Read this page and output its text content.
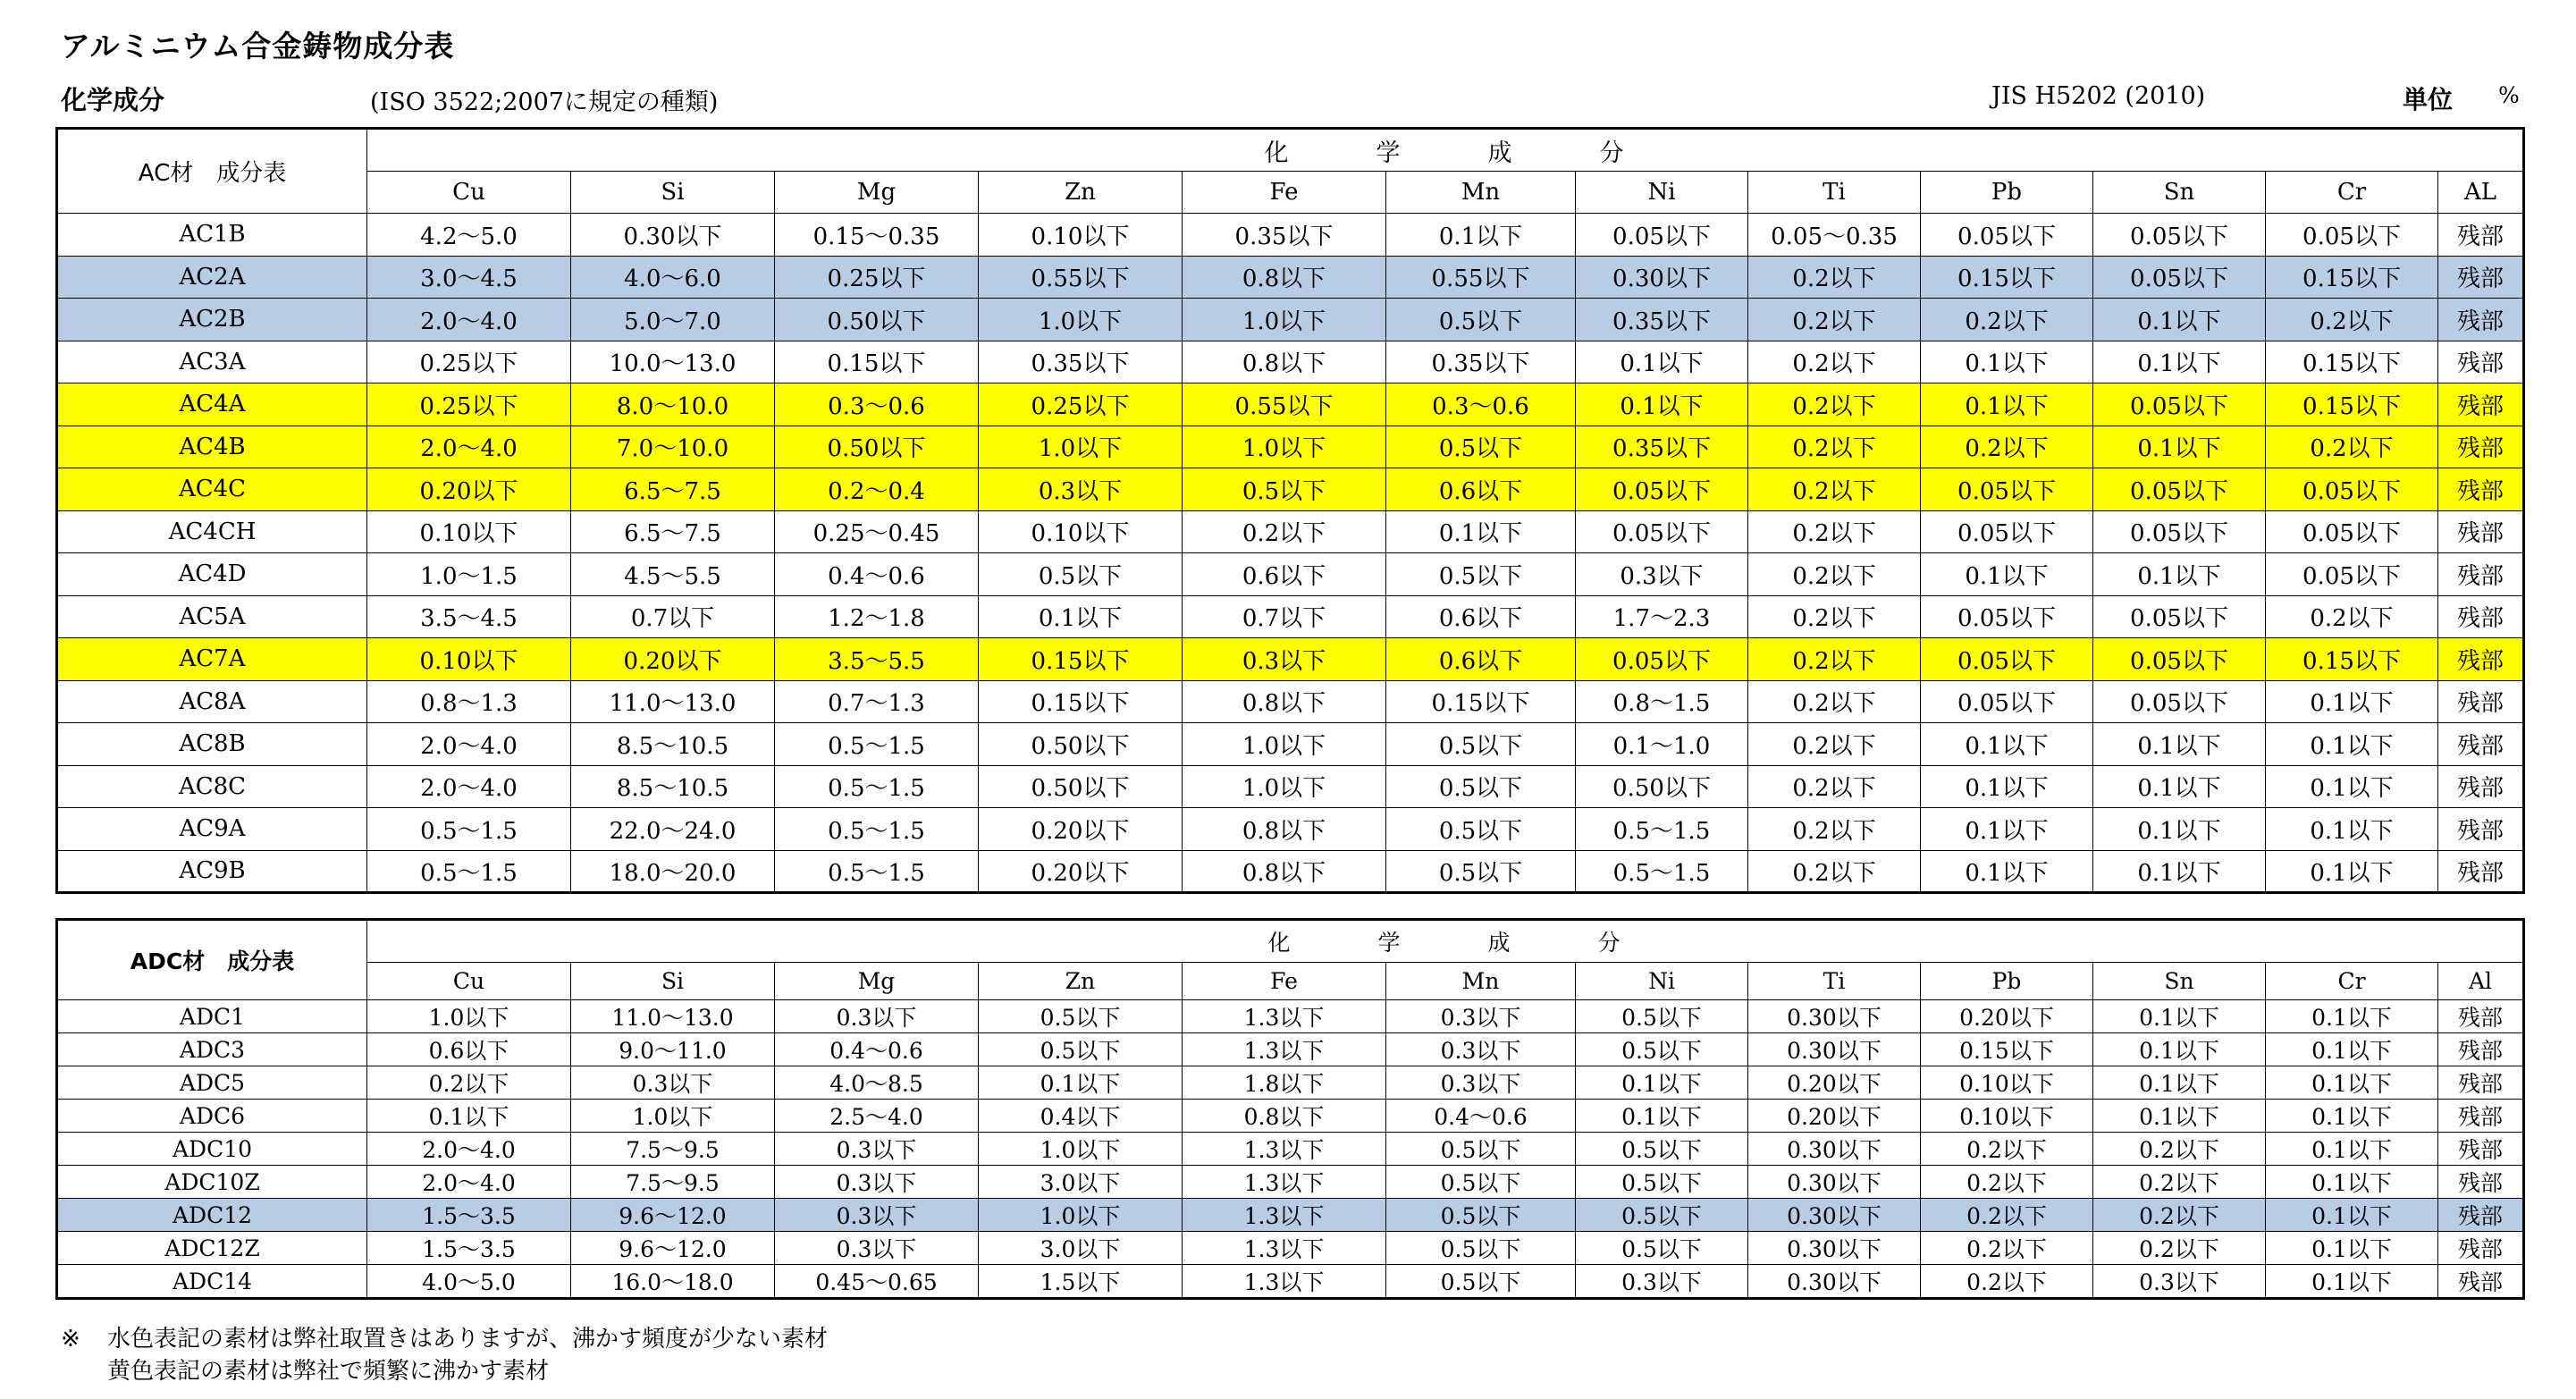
アルミニウム合金鋳物成分表
化学成分	(ISO 3522;2007に規定の種類)	JIS H5202 (2010)	単位 %
AC材　成分表	化 学 成 分											
	Cu	Si	Mg	Zn	Fe	Mn	Ni	Ti	Pb	Sn	Cr	AL
AC1B	4.2～5.0	0.30以下	0.15～0.35	0.10以下	0.35以下	0.1以下	0.05以下	0.05～0.35	0.05以下	0.05以下	0.05以下	残部
AC2A	3.0～4.5	4.0～6.0	0.25以下	0.55以下	0.8以下	0.55以下	0.30以下	0.2以下	0.15以下	0.05以下	0.15以下	残部
AC2B	2.0～4.0	5.0～7.0	0.50以下	1.0以下	1.0以下	0.5以下	0.35以下	0.2以下	0.2以下	0.1以下	0.2以下	残部
AC3A	0.25以下	10.0～13.0	0.15以下	0.35以下	0.8以下	0.35以下	0.1以下	0.2以下	0.1以下	0.1以下	0.15以下	残部
AC4A	0.25以下	8.0～10.0	0.3～0.6	0.25以下	0.55以下	0.3～0.6	0.1以下	0.2以下	0.1以下	0.05以下	0.15以下	残部
AC4B	2.0～4.0	7.0～10.0	0.50以下	1.0以下	1.0以下	0.5以下	0.35以下	0.2以下	0.2以下	0.1以下	0.2以下	残部
AC4C	0.20以下	6.5～7.5	0.2～0.4	0.3以下	0.5以下	0.6以下	0.05以下	0.2以下	0.05以下	0.05以下	0.05以下	残部
AC4CH	0.10以下	6.5～7.5	0.25～0.45	0.10以下	0.2以下	0.1以下	0.05以下	0.2以下	0.05以下	0.05以下	0.05以下	残部
AC4D	1.0～1.5	4.5～5.5	0.4～0.6	0.5以下	0.6以下	0.5以下	0.3以下	0.2以下	0.1以下	0.1以下	0.05以下	残部
AC5A	3.5～4.5	0.7以下	1.2～1.8	0.1以下	0.7以下	0.6以下	1.7～2.3	0.2以下	0.05以下	0.05以下	0.2以下	残部
AC7A	0.10以下	0.20以下	3.5～5.5	0.15以下	0.3以下	0.6以下	0.05以下	0.2以下	0.05以下	0.05以下	0.15以下	残部
AC8A	0.8～1.3	11.0～13.0	0.7～1.3	0.15以下	0.8以下	0.15以下	0.8～1.5	0.2以下	0.05以下	0.05以下	0.1以下	残部
AC8B	2.0～4.0	8.5～10.5	0.5～1.5	0.50以下	1.0以下	0.5以下	0.1～1.0	0.2以下	0.1以下	0.1以下	0.1以下	残部
AC8C	2.0～4.0	8.5～10.5	0.5～1.5	0.50以下	1.0以下	0.5以下	0.50以下	0.2以下	0.1以下	0.1以下	0.1以下	残部
AC9A	0.5～1.5	22.0～24.0	0.5～1.5	0.20以下	0.8以下	0.5以下	0.5～1.5	0.2以下	0.1以下	0.1以下	0.1以下	残部
AC9B	0.5～1.5	18.0～20.0	0.5～1.5	0.20以下	0.8以下	0.5以下	0.5～1.5	0.2以下	0.1以下	0.1以下	0.1以下	残部
ADC材　成分表	化 学 成 分											
	Cu	Si	Mg	Zn	Fe	Mn	Ni	Ti	Pb	Sn	Cr	Al
ADC1	1.0以下	11.0～13.0	0.3以下	0.5以下	1.3以下	0.3以下	0.5以下	0.30以下	0.20以下	0.1以下	0.1以下	残部
ADC3	0.6以下	9.0～11.0	0.4～0.6	0.5以下	1.3以下	0.3以下	0.5以下	0.30以下	0.15以下	0.1以下	0.1以下	残部
ADC5	0.2以下	0.3以下	4.0～8.5	0.1以下	1.8以下	0.3以下	0.1以下	0.20以下	0.10以下	0.1以下	0.1以下	残部
ADC6	0.1以下	1.0以下	2.5～4.0	0.4以下	0.8以下	0.4～0.6	0.1以下	0.20以下	0.10以下	0.1以下	0.1以下	残部
ADC10	2.0～4.0	7.5～9.5	0.3以下	1.0以下	1.3以下	0.5以下	0.5以下	0.30以下	0.2以下	0.2以下	0.1以下	残部
ADC10Z	2.0～4.0	7.5～9.5	0.3以下	3.0以下	1.3以下	0.5以下	0.5以下	0.30以下	0.2以下	0.2以下	0.1以下	残部
ADC12	1.5～3.5	9.6～12.0	0.3以下	1.0以下	1.3以下	0.5以下	0.5以下	0.30以下	0.2以下	0.2以下	0.1以下	残部
ADC12Z	1.5～3.5	9.6～12.0	0.3以下	3.0以下	1.3以下	0.5以下	0.5以下	0.30以下	0.2以下	0.2以下	0.1以下	残部
ADC14	4.0～5.0	16.0～18.0	0.45～0.65	1.5以下	1.3以下	0.5以下	0.3以下	0.30以下	0.2以下	0.3以下	0.1以下	残部
※ 水色表記の素材は弊社取置きはありますが、沸かす頻度が少ない素材
黄色表記の素材は弊社で頻繁に沸かす素材
